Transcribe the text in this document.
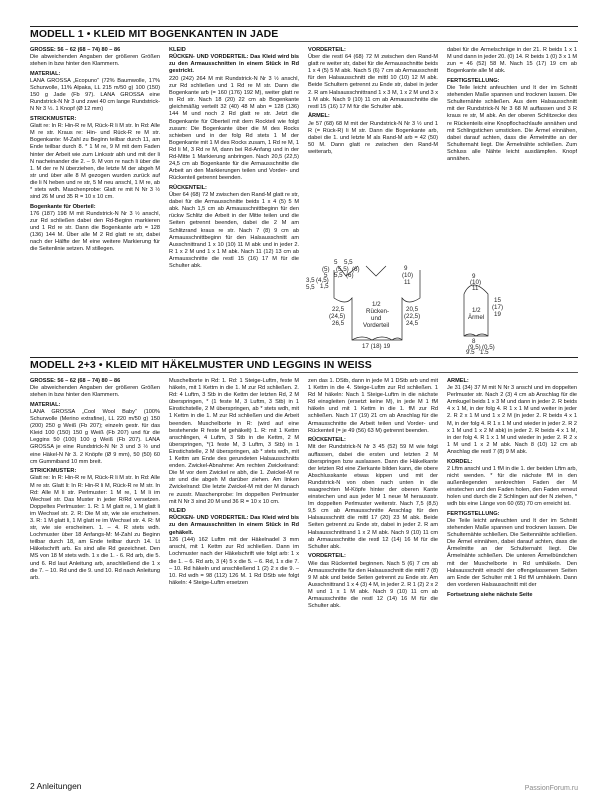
MODELL 1 • KLEID MIT BOGENKANTEN IN JADE
GRÖSSE: 56 – 62 (68 – 74) 80 – 86

Die abweichenden Angaben der größeren Größen stehen in bzw hinter den Klammern.

MATERIAL:

LANA GROSSA „Ecopuno“ (72% Baumwolle, 17% Schurwolle, 11% Alpaka, LL 215 m/50 g) 100 (150) 150 g Jade (Fb 97). LANA GROSSA eine Rundstrick-N Nr 3 und zwei 40 cm lange Rundstrick-N Nr 3 ½. 1 Knopf (Ø 12 mm)

STRICKMUSTER:

Glatt re: In R: Hin-R re M, Rück-R li M str. In Rd: Alle M re str. Kraus re: Hin- und Rück-R re M str. Bogenkante: M-Zahl zu Beginn teilbar durch 11, am Ende teilbar durch 8. * 1 M re, 9 M mit dem Faden hinter der Arbeit wie zum Linksstr abh und mit der li N nacheinander die 2. – 9. M von re nach li über die 1. M der re N überziehen, die letzte M der abgeh M str und über alle 8 M gezogen wurden zurück auf die li N heben und re str, 5 M neu anschl, 1 M re, ab * stets wdh. Maschenprobe: Glatt re mit N Nr 3 ½ sind 26 M und 35 R = 10 x 10 cm.

Bogenkante für Oberteil:

176 (187) 198 M mit Rundstrick-N Nr 3 ½ anschl, zur Rd schließen dabei den Rd-Beginn markieren und 1 Rd re str. Dann die Bogenkante arb = 128 (136) 144 M. Über alle M 2 Rd glatt re str, dabei nach der Hälfte der M eine weitere Markierung für die Seitenlinie setzen. M stillegen.

KLEID

RÜCKEN- UND VORDERTEIL: Das Kleid wird bis zu den Armausschnitten in einem Stück in Rd gestrickt.

220 (242) 264 M mit Rundstrick-N Nr 3 ½ anschl, zur Rd schließen und 1 Rd re M str. Dann die Bogenkante arb (= 160 (176) 192 M), weiter glatt re in Rd str. Nach 18 (20) 22 cm ab Bogenkante gleichmäßig verteilt 32 (40) 48 M abn = 128 (136) 144 M und noch 2 Rd glatt re str. Jetzt die Bogenkante für Oberteil mit dem Rockteil wie folgt zusam: Die Bogenkante über die M des Rocks schieben und in der folg Rd stets 1 M der Bogenkante mit 1 M des Rocks zusam, 1 Rd re M, 1 Rd li M, 3 Rd re M, dann bei Rd-Anfang und in der Rd-Mitte 1 Markierung anbringen. Nach 20,5 (22,5) 24,5 cm ab Bogenkante für die Armausschnitte die Arbeit an den Markierungen teilen und Vorder- und Rückenteil getrennt beenden.

RÜCKENTEIL:

Über 64 (68) 72 M zwischen den Rand-M glatt re str, dabei für die Armausschnitte beids 1 x 4 (5) 5 M abk. Nach 1,5 cm ab Armausschnittbeginn für den rückw Schlitz die Arbeit in der Mitte teilen und die Seiten getrennt beenden, dabei die 2 M am Schlitzrand kraus re str. Nach 7 (8) 9 cm ab Armausschnittbeginn für den Halsausschnitt am Ausschnittrand 1 x 10 (10) 11 M abk und in jeder 2. R 1 x 2 M und 1 x 1 M abk. Nach 11 (12) 13 cm ab Armausschnitte die restl 15 (16) 17 M für die Schulter abk.

VORDERTEIL:

Über die restl 64 (68) 72 M zwischen den Rand-M glatt re weiter str, dabei für die Armausschnitte beids 1 x 4 (5) 5 M abk. Nach 5 (6) 7 cm ab Armausschnitt für den Halsausschnitt die mittl 10 (10) 12 M abk. Beide Schultern getrennt zu Ende str, dabei in jeder 2. R am Halsausschnittrand 1 x 3 M, 1 x 2 M und 3 x 1 M abk. Nach 9 (10) 11 cm ab Armausschnitte die restl 15 (16) 17 M für die Schulter abk.

ÄRMEL:

Je 57 (68) 68 M mit der Rundstrick-N Nr 3 ½ und 1 R (= Rück-R) li M str. Dann die Bogenkante arb, dabei die 1. und letzte M als Rand-M arb = 42 (50) 50 M. Dann glatt re zwischen den Rand-M weiterarb,

dabei für die Ärmelschräge in der 21. R beids 1 x 1 M und dann in jeder 20. (0) 14. R beids 1 (0) 3 x 1 M zun = 46 (52) 58 M. Nach 15 (17) 19 cm ab Bogenkante alle M abk.

FERTIGSTELLUNG:

Die Teile leicht anfeuchten und lt der im Schnitt stehenden Maße spannen und trocknen lassen. Die Schulternähte schließen. Aus dem Halsausschnitt mit der Rundstrick-N Nr 3 68 M auffassen und 3 R kraus re str, M abk. An der oberen Schlitzecke des re Rückenteils eine Knopflochschlaufe annähen und mit Schlingstichen umsticken. Die Ärmel einnähen, dabei darauf achten, dass die Ärmelmitte an der Schulternaht liegt. Die Ärmelnähte schließen. Zum Schluss alle Nähte leicht ausdämpfen. Knopf annähen.

5 5,5
(5) (5,5) (6)
5 5,5 (6)
1,5
3,5 (4,5)
5,5
9
(10)
11
22,5
(24,5)
26,5
20,5
(22,5)
24,5
1/2
Rücken-
und
Vorderteil
17 (18) 19
9
(10)
11
15
(17)
19
1/2
Ärmel
8
(9,5) (0,5)
9,5 1,5
MODELL 2+3 • KLEID MIT HÄKELMUSTER UND LEGGINS IN WEISS
GRÖSSE: 56 – 62 (68 – 74) 80 – 86

Die abweichenden Angaben der größeren Größen stehen in bzw hinter den Klammern.

MATERIAL:

LANA GROSSA „Cool Wool Baby“ (100% Schurwolle (Merino extrafine), LL 220 m/50 g) 150 (200) 250 g Weiß (Fb 207); einzeln gestr. für das Kleid 100 (150) 150 g Weiß (Fb 207) und für die Leggins 50 (100) 100 g Weiß (Fb 207). LANA GROSSA je eine Rundstrick-N Nr 3 und 3 ½ und eine Häkel-N Nr 3. 2 Knöpfe (Ø 9 mm), 50 (50) 60 cm Gummiband 10 mm breit.

STRICKMUSTER:

Glatt re: In R: Hin-R re M, Rück-R li M str. In Rd: Alle M re str. Glatt li: In R: Hin-R li M, Rück-R re M str. In Rd: Alle M li str. Perlmuster: 1 M re, 1 M li im Wechsel str. Das Muster in jeder R/Rd versetzen. Doppeltes Perlmuster: 1. R: 1 M glatt re, 1 M glatt li im Wechsel str. 2. R: Die M str, wie sie erscheinen. 3. R: 1 M glatt li, 1 M glatt re im Wechsel str. 4. R: M str, wie sie erscheinen. 1. – 4. R stets wdh. Lochmuster über 18 Anfangs-M: M-Zahl zu Beginn teilbar durch 18, am Ende teilbar durch 14. Lt Häkelschrift arb. Es sind alle Rd gezeichnet. Den MS von 18 M stets wdh. 1 x die 1. - 6. Rd arb, die 5. und 6. Rd laut Anleitung arb, anschließend die 1 x die 7. – 10. Rd und die 9. und 10. Rd nach Anleitung arb.

Muschelborte in Rd: 1. Rd: 1 Steige-Luftm, feste M häkeln, mit 1 Kettm in die 1. M zur Rd schließen. 2. Rd: 4 Luftm, 3 Stb in die Kettm der letzten Rd, 2 M überspringen, * (1 feste M, 3 Luftm, 3 Stb) in 1 Einstichstelle, 2 M überspringen, ab * stets wdh, mit 1 Kettm in die 1. M zur Rd schließen und die Arbeit beenden. Muschelborte in R: (wird auf eine bestehende R feste M gehäkelt) 1. R: mit 1 Kettm anschlingen, 4 Luftm, 3 Stb in die Kettm, 2 M überspringen, *(1 feste M, 3 Luftm, 3 Stb) in 1 Einstichstelle, 2 M überspringen, ab * stets wdh, mit 1 Kettm am Ende des gerundeten Halsausschnitts enden. Zwickel-Abnahme: Am rechten Zwickelrand: Die M vor dem Zwickel re abh, die 1. Zwickel-M re str und die abgeh M darüber ziehen. Am linken Zwickelrand: Die letzte Zwickel-M mit der M danach re zusstr. Maschenprobe: Im doppelten Perlmuster mit N Nr 3 sind 20 M und 36 R = 10 x 10 cm.

KLEID

RÜCKEN- UND VORDERTEIL: Das Kleid wird bis zu den Armausschnitten in einem Stück in Rd gehäkelt.

126 (144) 162 Luftm mit der Häkelnadel 3 mm anschl, mit 1 Kettm zur Rd schließen. Dann im Lochmuster nach der Häkelschrift wie folgt arb: 1 x die 1. – 6. Rd arb, 3 (4) 5 x die 5. – 6. Rd, 1 x die 7. – 10. Rd häkeln und anschließend 1 (2) 2 x die 9. – 10. Rd wdh = 98 (112) 126 M. 1 Rd DStb wie folgt häkeln: 4 Steige-Luftm ersetzen

zen das 1. DStb, dann in jede M 1 DStb arb und mit 1 Kettm in die 4. Steige-Luftm zur Rd schließen. 1 Rd M häkeln: Nach 1 Steige-Luftm in die nächste Rd einsgleiten (ersetzt keine M), in jede M 1 fM häkeln und mit 1 Kettm in die 1. fM zur Rd schließen. Nach 17 (19) 21 cm ab Anschlag für die Armausschnitte die Arbeit teilen und Vorder- und Rückenteil (= je 49 (56) 63 M) getrennt beenden.

RÜCKENTEIL:

Mit der Rundstrick-N Nr 3 45 (52) 59 M wie folgt auffassen, dabei die ersten und letzten 2 M überspringen bzw auslassen. Dann die Häkelkante der letzten Rd eine Zierkante bilden kann, die obere Abschlusskante etwas kippen und mit der Rundstrick-N von oben nach unten in die waagrechten M-Köpfe hinter der oberen Kante einstechen und aus jeder M 1 neue M heraussstr. Im doppelten Perlmuster weiterstr. Nach 7,5 (8,5) 9,5 cm ab Armausschnitte Anschlag für den Halsausschnitt die mittl 17 (20) 23 M abk. Beide Seiten getrennt zu Ende str, dabei in jeder 2. R am Halsausschnittrand 1 x 2 M abk. Nach 9 (10) 11 cm ab Armausschnitte die restl 12 (14) 16 M für die Schulter abk.

VORDERTEIL:

Wie das Rückenteil beginnen. Nach 5 (6) 7 cm ab Armausschnitte für den Halsausschnitt die mittl 7 (8) 9 M abk und beide Seiten getrennt zu Ende str. Am Ausschnittrand 1 x 4 (3) 4 M, in jeder 2. R 1 (2) 2 x 2 M und 1 x 1 M abk. Nach 9 (10) 11 cm ab Armausschnitte die restl 12 (14) 16 M für die Schulter abk.

ÄRMEL:

Je 31 (34) 37 M mit N Nr 3 anschl und im doppelten Perlmuster str. Nach 2 (3) 4 cm ab Anschlag für die Armkugel beids 1 x 3 M und dann in jeder 2. R beids 4 x 1 M, in der folg 4. R 1 x 1 M und weiter in jeder 2. R 2 x 1 M und 1 x 2 M (in jeder 2. R beids 4 x 1 M, in der folg 4. R 1 x 1 M und wieder in jeder 2. R 2 x 1 M und 1 x 2 M abk) in jeder 2. R beids 4 x 1 M, in der folg 4. R 1 x 1 M und wieder in jeder 2. R 2 x 1 M und 1 x 2 M abk. Nach 8 (10) 12 cm ab Anschlag die restl 7 (8) 9 M abk.

KORDEL:

2 Lftm anschl und 1 fM in die 1. der beiden Lftm arb, nicht wenden. * für die nächste fM in den außenliegenden senkrechten Faden der M einstechen und den Faden holen, den Faden erneut holen und durch die 2 Schlingen auf der N ziehen, * wdh bis eine Länge von 60 (65) 70 cm erreicht ist.

FERTIGSTELLUNG:

Die Teile leicht anfeuchten und lt der im Schnitt stehenden Maße spannen und trocknen lassen. Die Schulternähte schließen. Die Seitennähte schließen. Die Ärmel einnähen, dabei darauf achten, dass die Ärmelmitte an der Schulternaht liegt. Die Ärmelnähte schließen. Die unteren Ärmelbündchen mit der Muschelborte in Rd umhäkeln. Den Halsausschnitt einschl der offengelassenen Seiten am Ende der Schulter mit 1 Rd fM umhäkeln. Dann den vorderen Halsausschnitt mit der

Fortsetzung siehe nächste Seite
2 Anleitungen	PassionForum.ru
